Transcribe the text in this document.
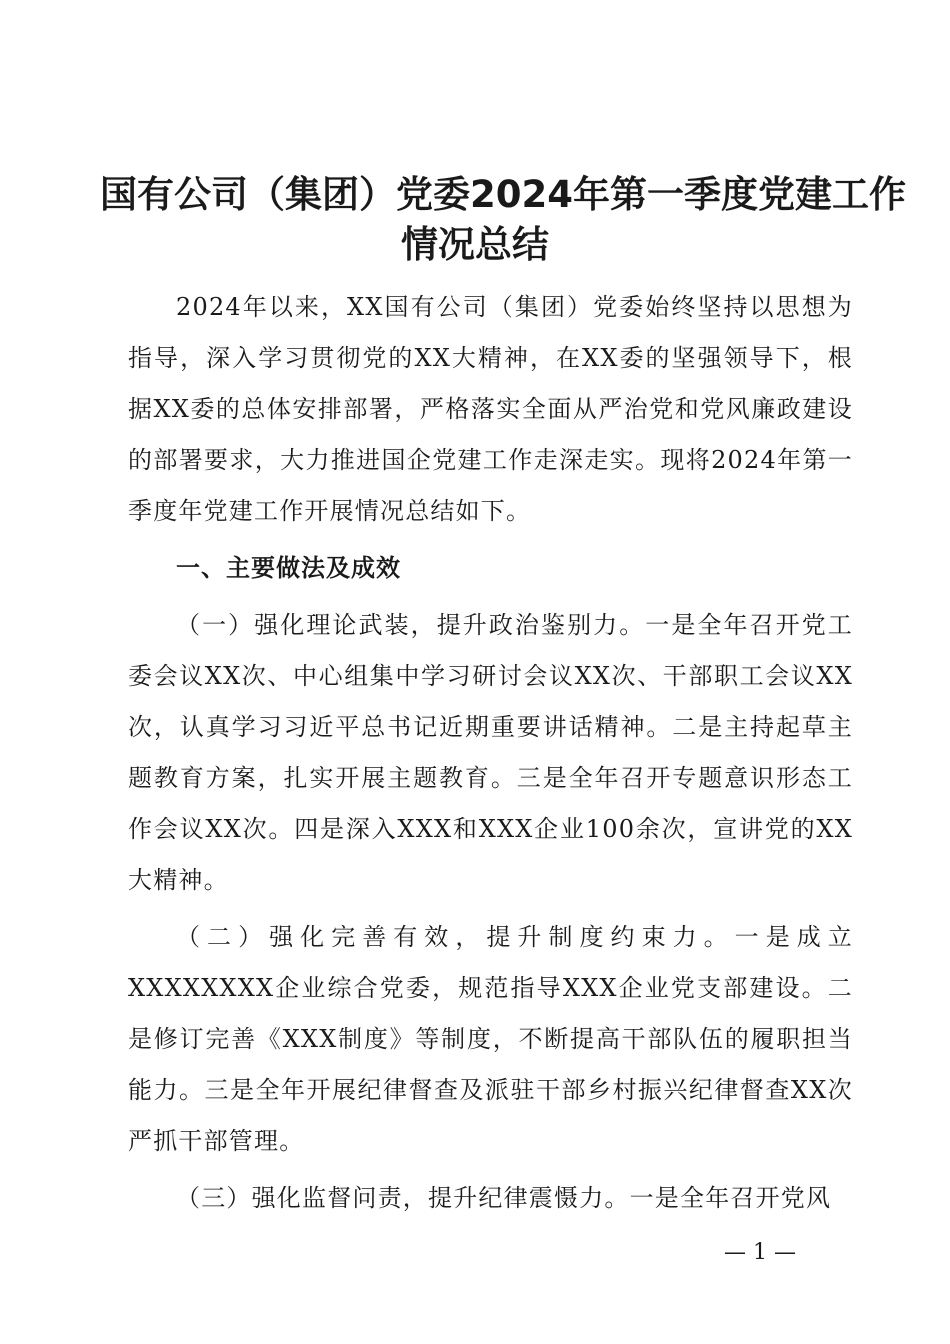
国有公司（集团）党委2024年第一季度党建工作
情况总结

2024年以来，XX国有公司（集团）党委始终坚持以思想为指导，深入学习贯彻党的XX大精神，在XX委的坚强领导下，根据XX委的总体安排部署，严格落实全面从严治党和党风廉政建设的部署要求，大力推进国企党建工作走深走实。现将2024年第一季度年党建工作开展情况总结如下。

一、主要做法及成效

（一）强化理论武装，提升政治鉴别力。一是全年召开党工委会议XX次、中心组集中学习研讨会议XX次、干部职工会议XX次，认真学习习近平总书记近期重要讲话精神。二是主持起草主题教育方案，扎实开展主题教育。三是全年召开专题意识形态工作会议XX次。四是深入XXX和XXX企业100余次，宣讲党的XX大精神。

（二）强化完善有效，提升制度约束力。一是成立XXXXXXXX企业综合党委，规范指导XXX企业党支部建设。二是修订完善《XXX制度》等制度，不断提高干部队伍的履职担当能力。三是全年开展纪律督查及派驻干部乡村振兴纪律督查XX次严抓干部管理。

（三）强化监督问责，提升纪律震慑力。一是全年召开党风

— 1 —
